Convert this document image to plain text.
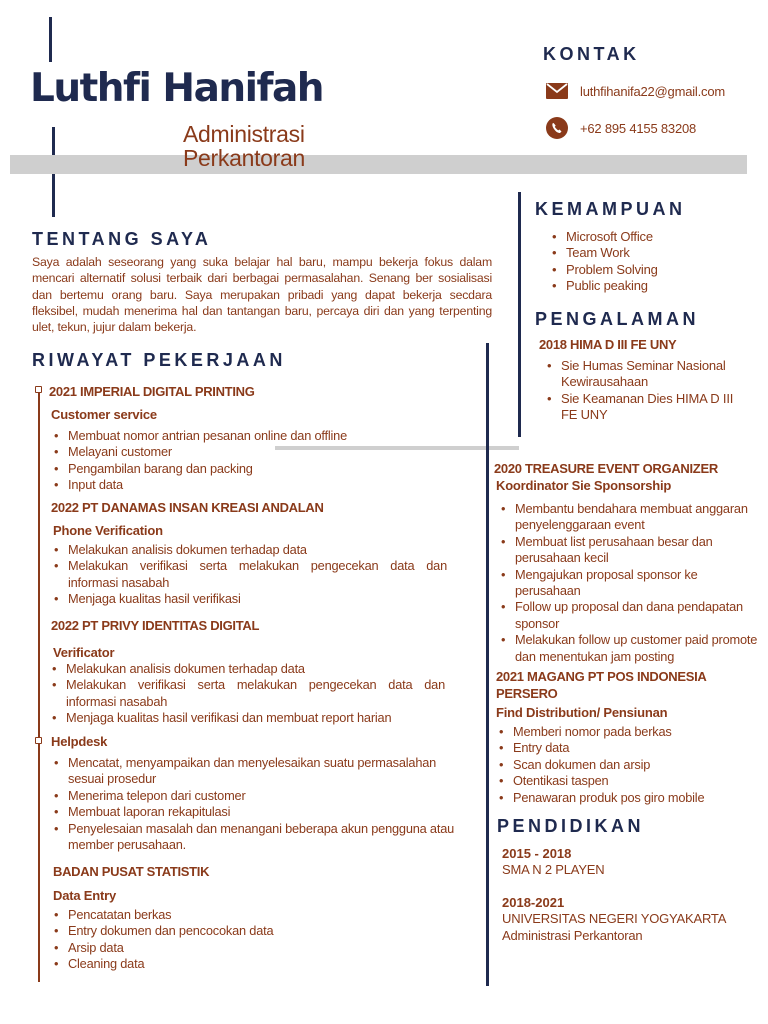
Luthfi Hanifah
Administrasi
Perkantoran
KONTAK
luthfihanifa22@gmail.com
+62 895 4155 83208
TENTANG SAYA
Saya adalah seseorang yang suka belajar hal baru, mampu bekerja fokus dalam mencari alternatif solusi terbaik dari berbagai permasalahan. Senang ber sosialisasi dan bertemu orang baru. Saya merupakan pribadi yang dapat bekerja secdara fleksibel, mudah menerima hal dan tantangan baru, percaya diri dan yang terpenting ulet, tekun, jujur dalam bekerja.
KEMAMPUAN
• Microsoft Office
• Team Work
• Problem Solving
• Public peaking
PENGALAMAN
2018 HIMA D III FE UNY
• Sie Humas Seminar Nasional Kewirausahaan
• Sie Keamanan Dies HIMA D III FE UNY
RIWAYAT PEKERJAAN
2021 IMPERIAL DIGITAL PRINTING
Customer service
• Membuat nomor antrian pesanan online dan offline
• Melayani customer
• Pengambilan barang dan packing
• Input data
2022 PT DANAMAS INSAN KREASI ANDALAN
Phone Verification
• Melakukan analisis dokumen terhadap data
• Melakukan verifikasi serta melakukan pengecekan data dan informasi nasabah
• Menjaga kualitas hasil verifikasi
2022 PT PRIVY IDENTITAS DIGITAL
Verificator
• Melakukan analisis dokumen terhadap data
• Melakukan verifikasi serta melakukan pengecekan data dan informasi nasabah
• Menjaga kualitas hasil verifikasi dan membuat report harian
Helpdesk
• Mencatat, menyampaikan dan menyelesaikan suatu permasalahan sesuai prosedur
• Menerima telepon dari customer
• Membuat laporan rekapitulasi
• Penyelesaian masalah dan menangani beberapa akun pengguna atau member perusahaan.
BADAN PUSAT STATISTIK
Data Entry
• Pencatatan berkas
• Entry dokumen dan pencocokan data
• Arsip data
• Cleaning data
2020 TREASURE EVENT ORGANIZER
Koordinator Sie Sponsorship
• Membantu bendahara membuat anggaran penyelenggaraan event
• Membuat list perusahaan besar dan perusahaan kecil
• Mengajukan proposal sponsor ke perusahaan
• Follow up proposal dan dana pendapatan sponsor
• Melakukan follow up customer paid promote dan menentukan jam posting
2021 MAGANG PT POS INDONESIA
PERSERO
Find Distribution/ Pensiunan
• Memberi nomor pada berkas
• Entry data
• Scan dokumen dan arsip
• Otentikasi taspen
• Penawaran produk pos giro mobile
PENDIDIKAN
2015 - 2018
SMA N 2 PLAYEN
2018-2021
UNIVERSITAS NEGERI YOGYAKARTA
Administrasi Perkantoran
